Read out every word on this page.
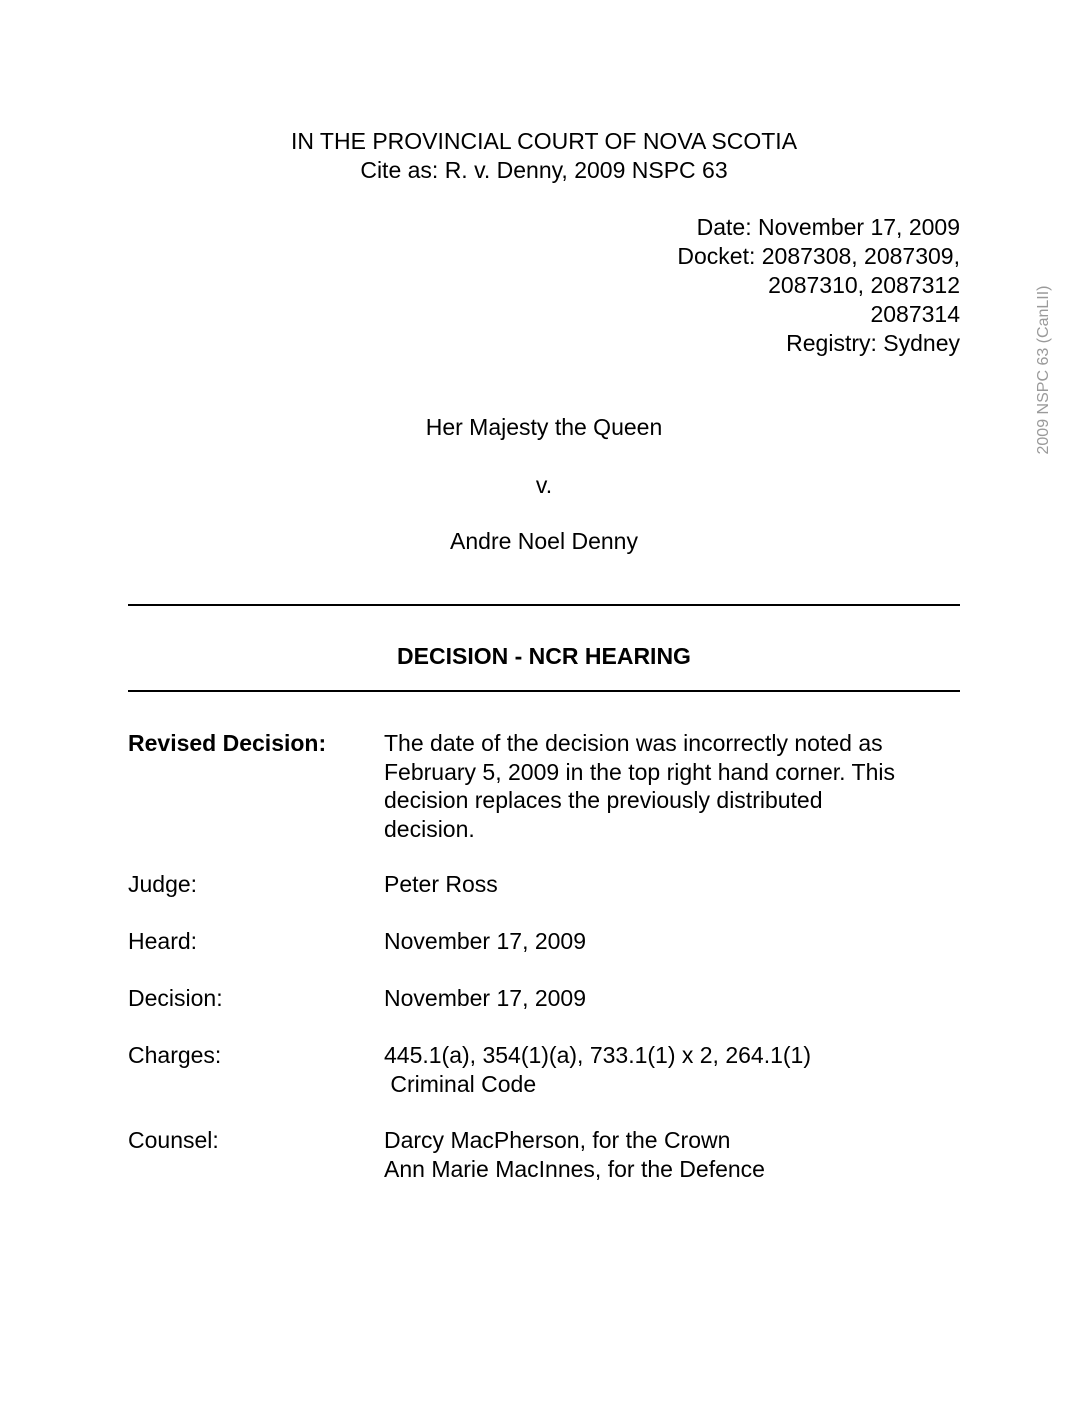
IN THE PROVINCIAL COURT OF NOVA SCOTIA
Cite as: R. v. Denny, 2009 NSPC 63
Date: November 17, 2009
Docket: 2087308, 2087309,
2087310, 2087312
2087314
Registry: Sydney
Her Majesty the Queen
v.
Andre Noel Denny
DECISION - NCR HEARING
Revised Decision:	The date of the decision was incorrectly noted as
February 5, 2009 in the top right hand corner. This
decision replaces the previously distributed
decision.
Judge:	Peter Ross
Heard:	November 17, 2009
Decision:	November 17, 2009
Charges:	445.1(a), 354(1)(a), 733.1(1) x 2, 264.1(1)
Criminal Code
Counsel:	Darcy MacPherson, for the Crown
Ann Marie MacInnes, for the Defence
2009 NSPC 63 (CanLII)
